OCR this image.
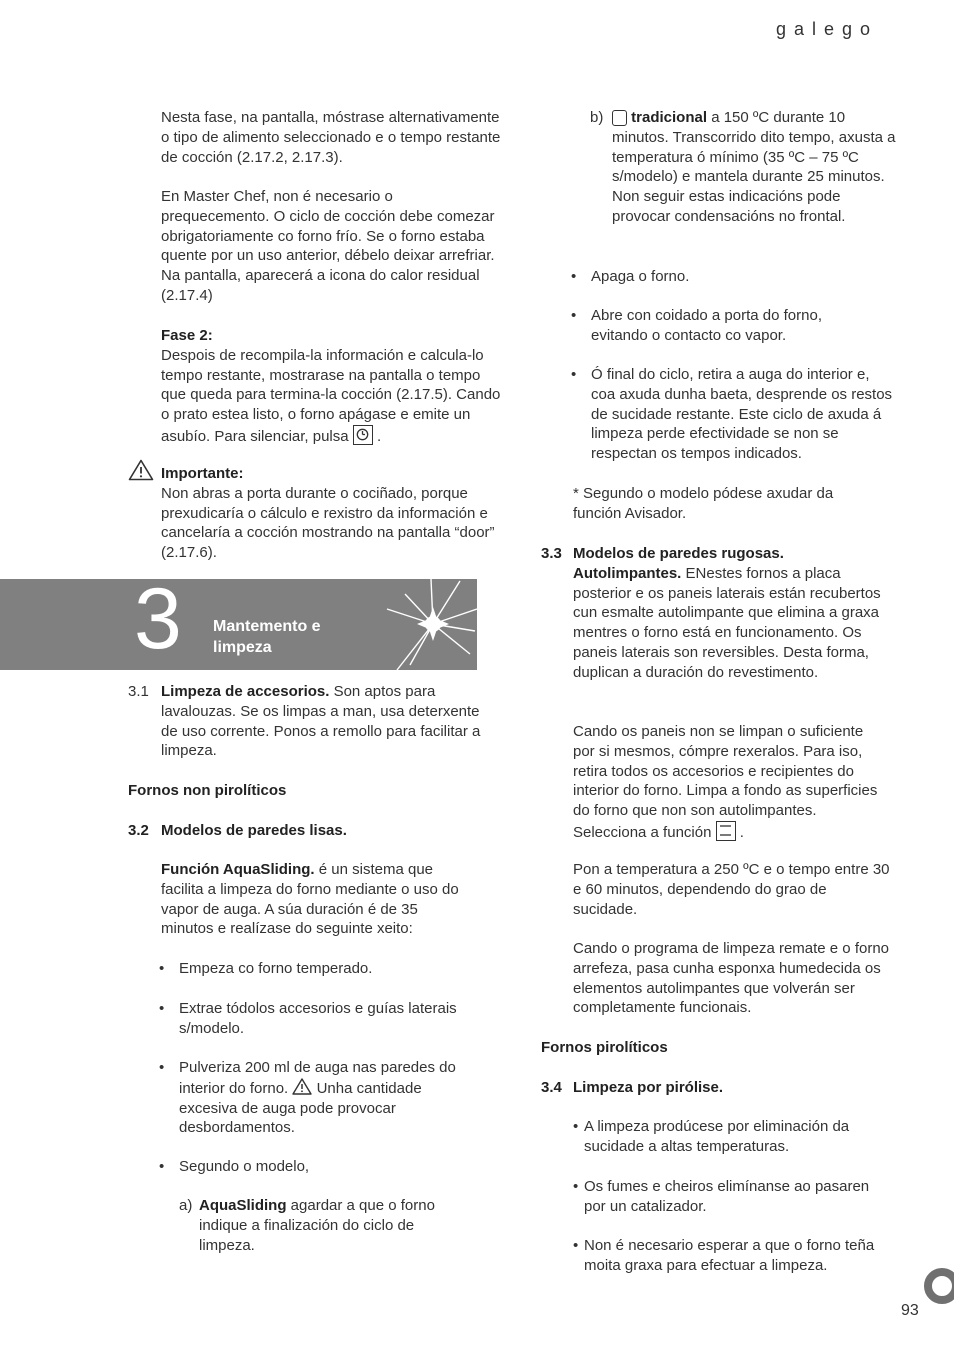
galego

Nesta fase, na pantalla, móstrase alternativamente o tipo de alimento seleccionado e o tempo restante de cocción (2.17.2, 2.17.3).

En Master Chef, non é necesario o prequecemento. O ciclo de cocción debe comezar obrigatoriamente co forno frío. Se o forno estaba quente por un uso anterior, débelo deixar arrefriar. Na pantalla, aparecerá a icona do calor residual (2.17.4)

Fase 2:
Despois de recompila-la información e calcula-lo tempo restante, mostrarase na pantalla o tempo que queda para termina-la cocción (2.17.5). Cando o prato estea listo, o forno apágase e emite un asubío. Para silenciar, pulsa .
Importante:
Non abras a porta durante o cociñado, porque prexudicaría o cálculo e rexistro da información e cancelaría a cocción mostrando na pantalla “door” (2.17.6).
3 Mantemento e
limpeza
3.1 Limpeza de accesorios. Son aptos para lavalouzas. Se os limpas a man, usa deterxente de uso corrente. Ponos a remollo para facilitar a limpeza.

Fornos non pirolíticos
3.2 Modelos de paredes lisas.

Función AquaSliding. é un sistema que facilita a limpeza do forno mediante o uso do vapor de auga. A súa duración é de 35 minutos e realízase do seguinte xeito:

• Empeza co forno temperado.

• Extrae tódolos accesorios e guías laterais s/modelo.

• Pulveriza 200 ml de auga nas paredes do interior do forno. Unha cantidade excesiva de auga pode provocar desbordamentos.

• Segundo o modelo,

a) AquaSliding agardar a que o forno indique a finalización do ciclo de limpeza.

b)	tradicional a 150 ºC durante 10 minutos. Transcorrido dito tempo, axusta a temperatura ó mínimo (35 ºC – 75 ºC s/modelo) e mantela durante 25 minutos. Non seguir estas indicacións pode provocar condensacións no frontal.

• Apaga o forno.

• Abre con coidado a porta do forno, evitando o contacto co vapor.

• Ó final do ciclo, retira a auga do interior e, coa axuda dunha baeta, desprende os restos de sucidade restante. Este ciclo de axuda á limpeza perde efectividade se non se respectan os tempos indicados.

* Segundo o modelo pódese axudar da función Avisador.

3.3 Modelos de paredes rugosas.
Autolimpantes. ENestes fornos a placa posterior e os paneis laterais están recubertos cun esmalte autolimpante que elimina a graxa mentres o forno está en funcionamento. Os paneis laterais son reversibles. Desta forma, duplican a duración do revestimento.

Cando os paneis non se limpan o suficiente por si mesmos, cómpre rexeralos. Para iso, retira todos os accesorios e recipientes do interior do forno. Limpa a fondo as superficies do forno que non son autolimpantes. Selecciona a función .

Pon a temperatura a 250 ºC e o tempo entre 30 e 60 minutos, dependendo do grao de sucidade.

Cando o programa de limpeza remate e o forno arrefeza, pasa cunha esponxa humedecida os elementos autolimpantes que volverán ser completamente funcionais.

Fornos pirolíticos
3.4 Limpeza por pirólise.
• A limpeza prodúcese por eliminación da sucidade a altas temperaturas.

• Os fumes e cheiros elimínanse ao pasaren por un catalizador.

• Non é necesario esperar a que o forno teña moita graxa para efectuar a limpeza.

93
